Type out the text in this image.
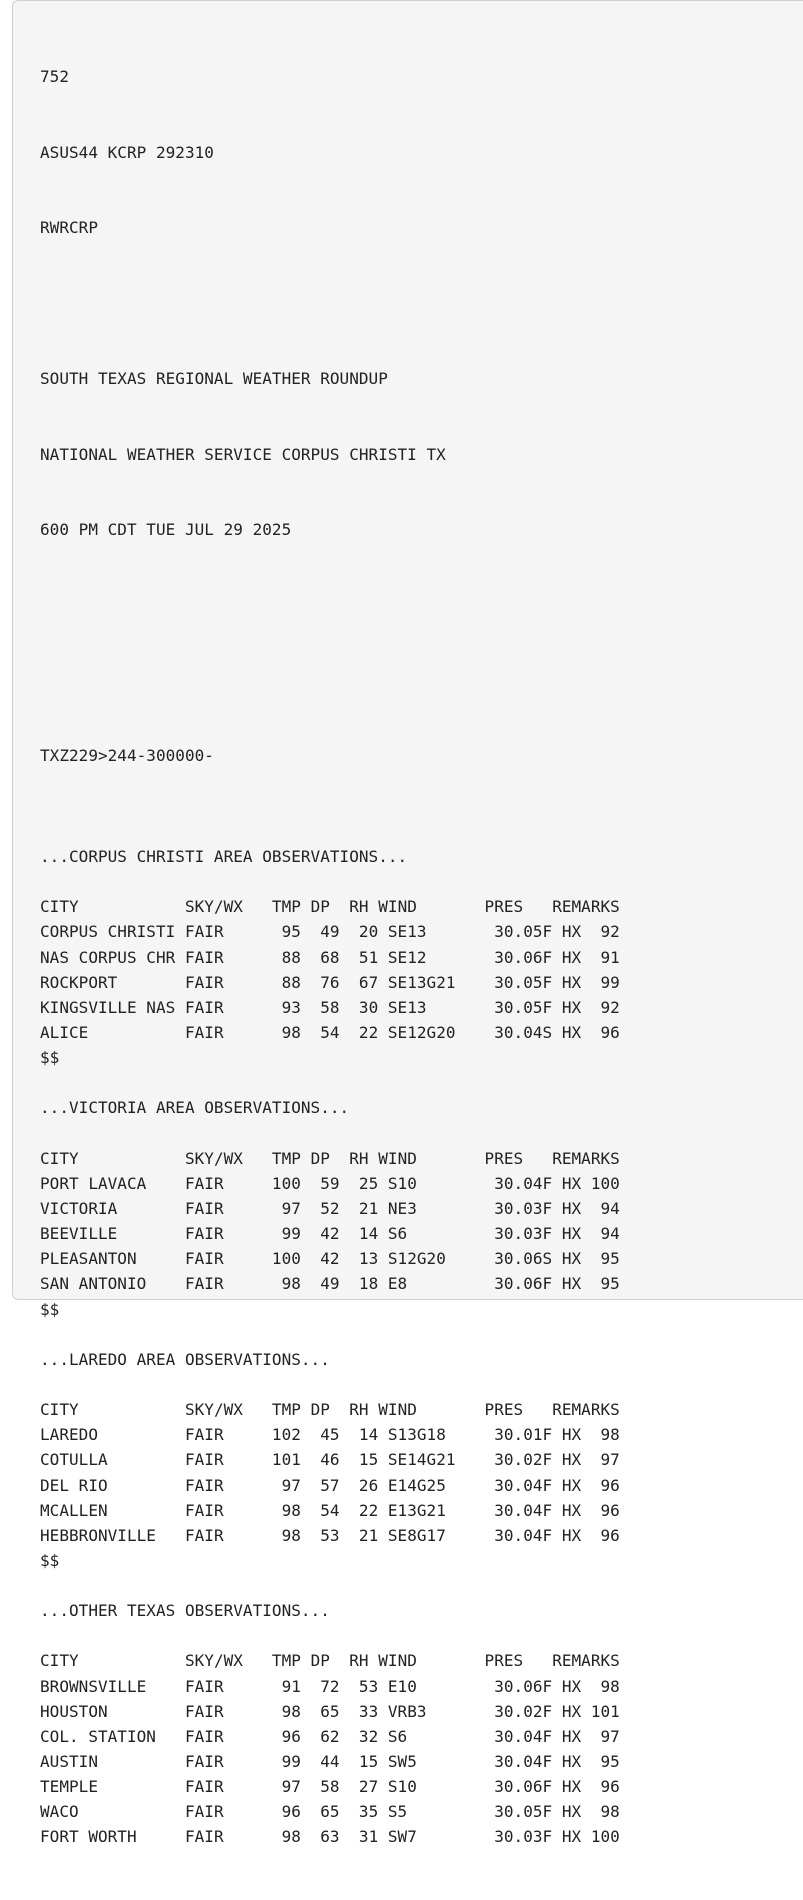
752

ASUS44 KCRP 292310

RWRCRP

SOUTH TEXAS REGIONAL WEATHER ROUNDUP

NATIONAL WEATHER SERVICE CORPUS CHRISTI TX

600 PM CDT TUE JUL 29 2025

TXZ229>244-300000-

...CORPUS CHRISTI AREA OBSERVATIONS...

CITY           SKY/WX   TMP DP  RH WIND       PRES   REMARKS
CORPUS CHRISTI FAIR      95  49  20 SE13       30.05F HX  92
NAS CORPUS CHR FAIR      88  68  51 SE12       30.06F HX  91
ROCKPORT       FAIR      88  76  67 SE13G21    30.05F HX  99
KINGSVILLE NAS FAIR      93  58  30 SE13       30.05F HX  92
ALICE          FAIR      98  54  22 SE12G20    30.04S HX  96
$$

...VICTORIA AREA OBSERVATIONS...

CITY           SKY/WX   TMP DP  RH WIND       PRES   REMARKS
PORT LAVACA    FAIR     100  59  25 S10        30.04F HX 100
VICTORIA       FAIR      97  52  21 NE3        30.03F HX  94
BEEVILLE       FAIR      99  42  14 S6         30.03F HX  94
PLEASANTON     FAIR     100  42  13 S12G20     30.06S HX  95
SAN ANTONIO    FAIR      98  49  18 E8         30.06F HX  95
$$

...LAREDO AREA OBSERVATIONS...

CITY           SKY/WX   TMP DP  RH WIND       PRES   REMARKS
LAREDO         FAIR     102  45  14 S13G18     30.01F HX  98
COTULLA        FAIR     101  46  15 SE14G21    30.02F HX  97
DEL RIO        FAIR      97  57  26 E14G25     30.04F HX  96
MCALLEN        FAIR      98  54  22 E13G21     30.04F HX  96
HEBBRONVILLE   FAIR      98  53  21 SE8G17     30.04F HX  96
$$

...OTHER TEXAS OBSERVATIONS...

CITY           SKY/WX   TMP DP  RH WIND       PRES   REMARKS
BROWNSVILLE    FAIR      91  72  53 E10        30.06F HX  98
HOUSTON        FAIR      98  65  33 VRB3       30.02F HX 101
COL. STATION   FAIR      96  62  32 S6         30.04F HX  97
AUSTIN         FAIR      99  44  15 SW5        30.04F HX  95
TEMPLE         FAIR      97  58  27 S10        30.06F HX  96
WACO           FAIR      96  65  35 S5         30.05F HX  98
FORT WORTH     FAIR      98  63  31 SW7        30.03F HX 100
